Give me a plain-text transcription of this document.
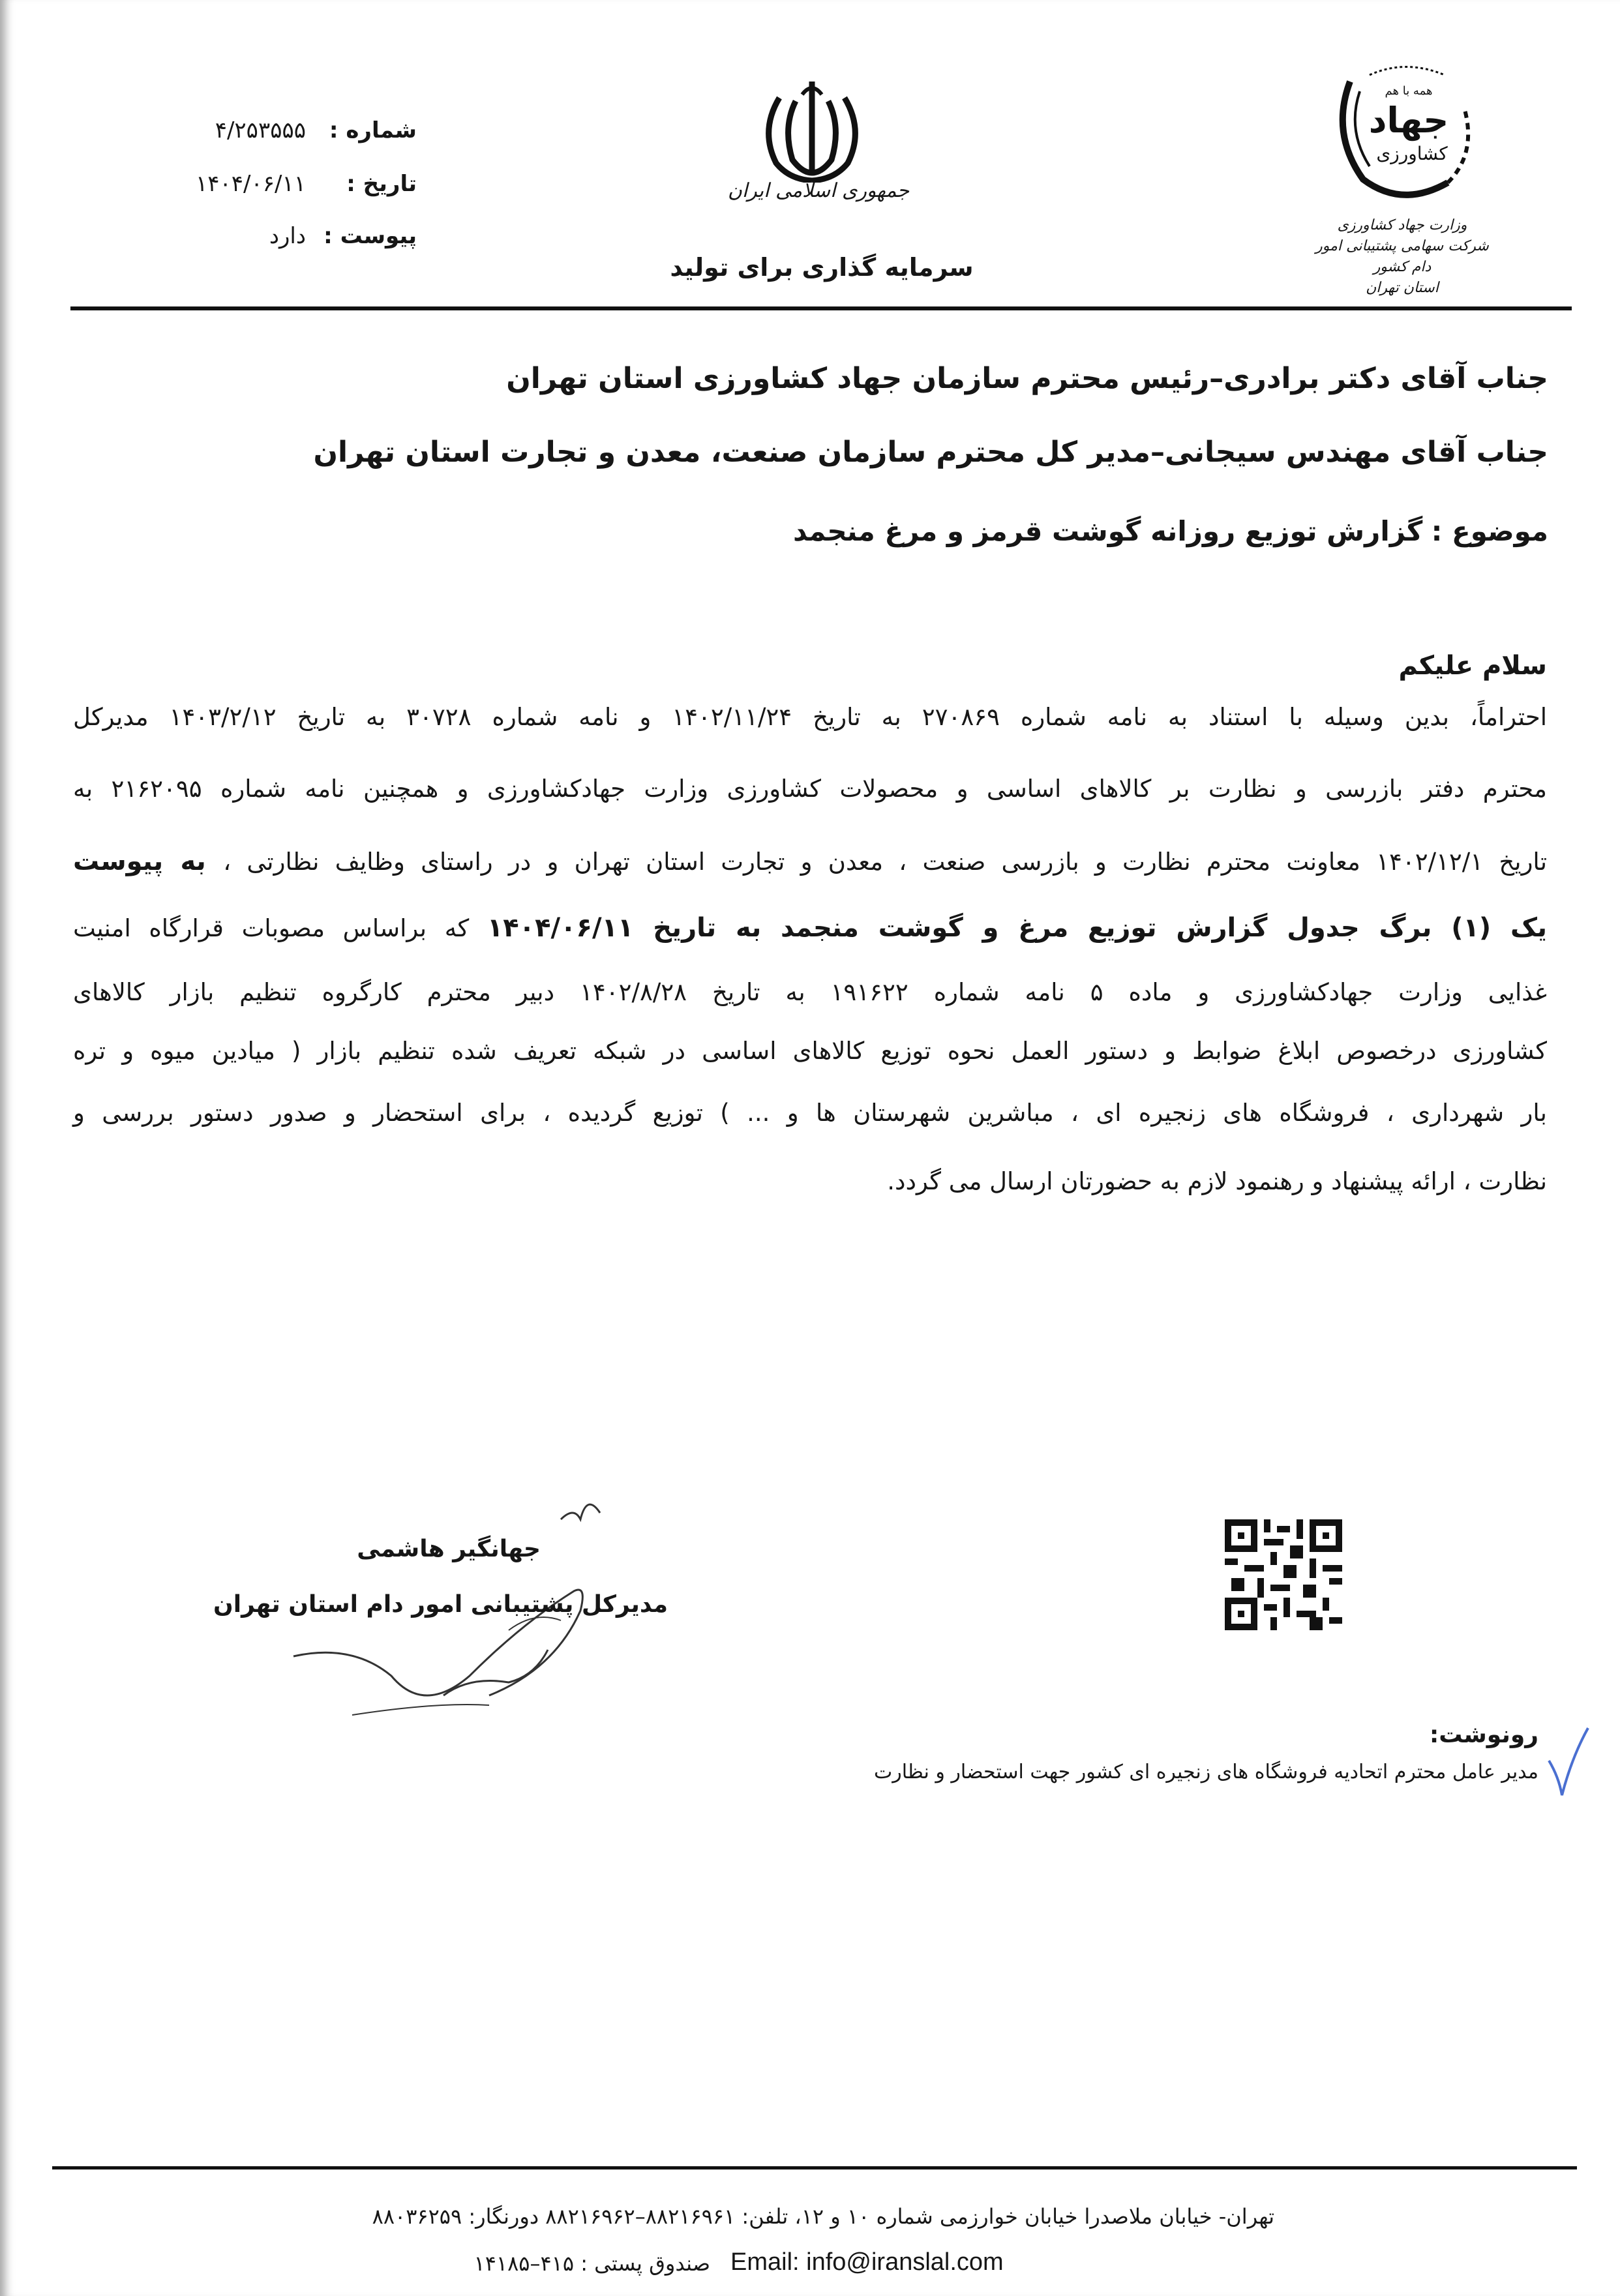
شماره :۴/۲۵۳۵۵۵
تاریخ :۱۴۰۴/۰۶/۱۱
پیوست :دارد
جمهوری اسلامی ایران
سرمایه گذاری برای تولید
همه با هم
جهاد
کشاورزی
وزارت جهاد کشاورزی
شرکت سهامی پشتیبانی امور دام کشور
استان تهران
جناب آقای دکتر برادری–رئیس محترم سازمان جهاد کشاورزی استان تهران
جناب آقای مهندس سیجانی–مدیر کل محترم سازمان صنعت، معدن و تجارت استان تهران
موضوع : گزارش توزیع روزانه گوشت قرمز و مرغ منجمد
سلام علیکم
احتراماً، بدین وسیله با استناد به نامه شماره ۲۷۰۸۶۹ به تاریخ ۱۴۰۲/۱۱/۲۴ و نامه شماره ۳۰۷۲۸ به تاریخ ۱۴۰۳/۲/۱۲ مدیرکل
محترم دفتر بازرسی و نظارت بر کالاهای اساسی و محصولات کشاورزی وزارت جهادکشاورزی و همچنین نامه شماره ۲۱۶۲۰۹۵ به
تاریخ ۱۴۰۲/۱۲/۱ معاونت محترم نظارت و بازرسی صنعت ، معدن و تجارت استان تهران و در راستای وظایف نظارتی ، به پیوست
یک (۱) برگ جدول گزارش توزیع مرغ و گوشت منجمد به تاریخ ۱۴۰۴/۰۶/۱۱ که براساس مصوبات قرارگاه امنیت
غذایی وزارت جهادکشاورزی و ماده ۵ نامه شماره ۱۹۱۶۲۲ به تاریخ ۱۴۰۲/۸/۲۸ دبیر محترم کارگروه تنظیم بازار کالاهای
کشاورزی درخصوص ابلاغ ضوابط و دستور العمل نحوه توزیع کالاهای اساسی در شبکه تعریف شده تنظیم بازار ( میادین میوه و تره
بار شهرداری ، فروشگاه های زنجیره ای ، مباشرین شهرستان ها و ... ) توزیع گردیده ، برای استحضار و صدور دستور بررسی و
نظارت ، ارائه پیشنهاد و رهنمود لازم به حضورتان ارسال می گردد.
جهانگیر هاشمی
مدیرکل پشتیبانی امور دام استان تهران
رونوشت:
مدیر عامل محترم اتحادیه فروشگاه های زنجیره ای کشور جهت استحضار و نظارت
تهران- خیابان ملاصدرا خیابان خوارزمی شماره ۱۰ و ۱۲، تلفن: ۸۸۲۱۶۹۶۱–۸۸۲۱۶۹۶۲ دورنگار: ۸۸۰۳۶۲۵۹
Email: info@iranslal.com
صندوق پستی : ۴۱۵–۱۴۱۸۵
